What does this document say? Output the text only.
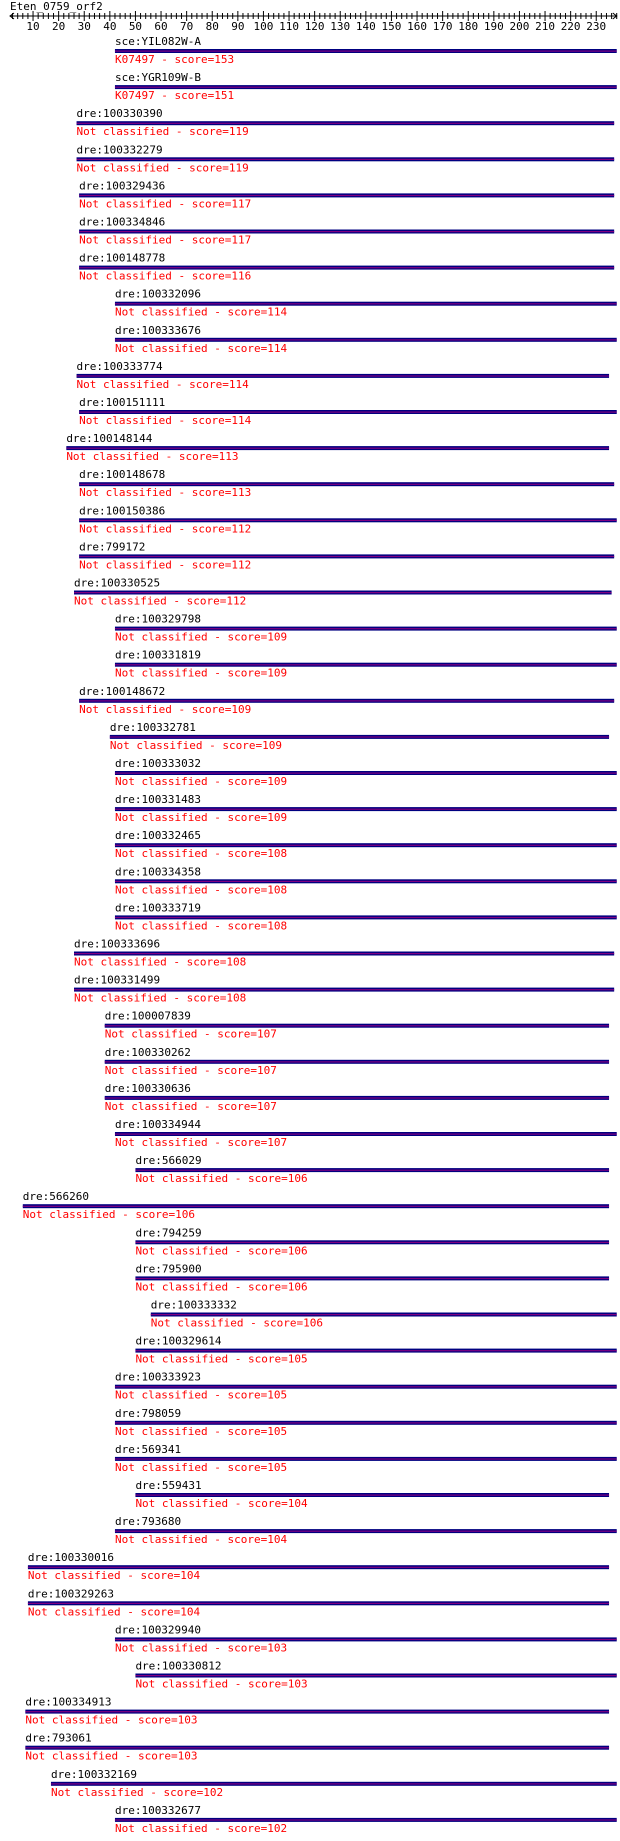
Eten_0759_orf2
10 20 30 40 50 60 70 80 90 100 110 120 130 140 150 160 170 180 190 200 210 220 230
sce:YIL082W-A
K07497 - score=153
sce:YGR109W-B
K07497 - score=151
dre:100330390
Not classified - score=119
dre:100332279
Not classified - score=119
dre:100329436
Not classified - score=117
dre:100334846
Not classified - score=117
dre:100148778
Not classified - score=116
dre:100332096
Not classified - score=114
dre:100333676
Not classified - score=114
dre:100333774
Not classified - score=114
dre:100151111
Not classified - score=114
dre:100148144
Not classified - score=113
dre:100148678
Not classified - score=113
dre:100150386
Not classified - score=112
dre:799172
Not classified - score=112
dre:100330525
Not classified - score=112
dre:100329798
Not classified - score=109
dre:100331819
Not classified - score=109
dre:100148672
Not classified - score=109
dre:100332781
Not classified - score=109
dre:100333032
Not classified - score=109
dre:100331483
Not classified - score=109
dre:100332465
Not classified - score=108
dre:100334358
Not classified - score=108
dre:100333719
Not classified - score=108
dre:100333696
Not classified - score=108
dre:100331499
Not classified - score=108
dre:100007839
Not classified - score=107
dre:100330262
Not classified - score=107
dre:100330636
Not classified - score=107
dre:100334944
Not classified - score=107
dre:566029
Not classified - score=106
dre:566260
Not classified - score=106
dre:794259
Not classified - score=106
dre:795900
Not classified - score=106
dre:100333332
Not classified - score=106
dre:100329614
Not classified - score=105
dre:100333923
Not classified - score=105
dre:798059
Not classified - score=105
dre:569341
Not classified - score=105
dre:559431
Not classified - score=104
dre:793680
Not classified - score=104
dre:100330016
Not classified - score=104
dre:100329263
Not classified - score=104
dre:100329940
Not classified - score=103
dre:100330812
Not classified - score=103
dre:100334913
Not classified - score=103
dre:793061
Not classified - score=103
dre:100332169
Not classified - score=102
dre:100332677
Not classified - score=102
